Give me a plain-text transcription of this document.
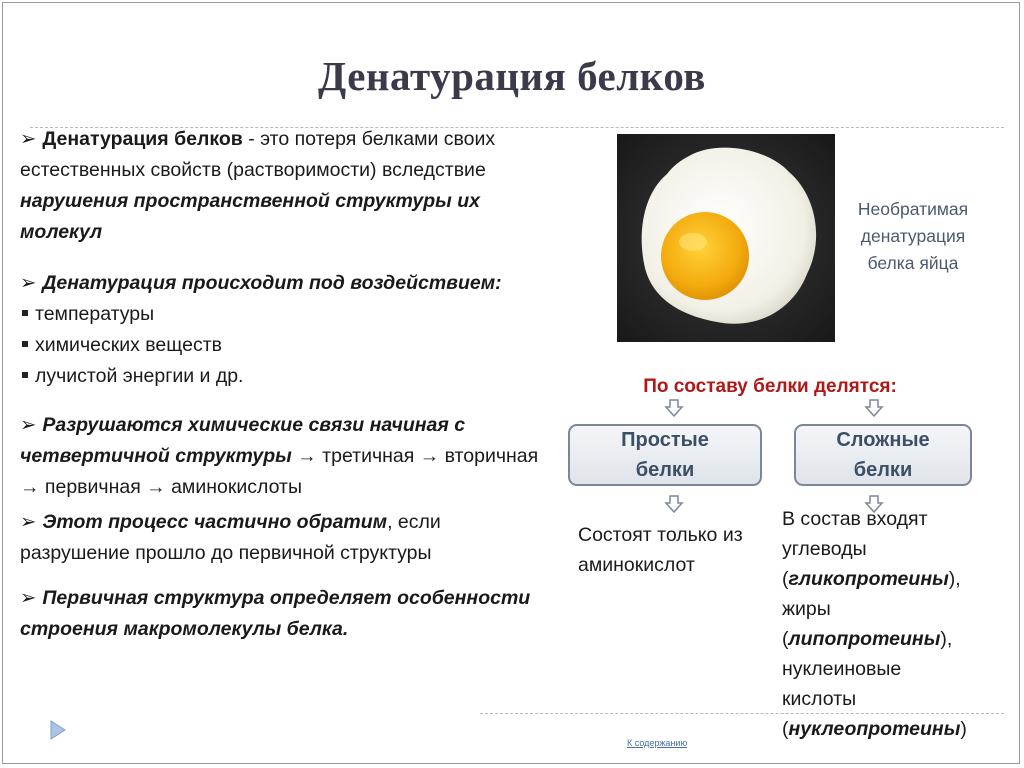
Денатурация белков

➢ Денатурация белков - это потеря белками своих естественных свойств (растворимости) вследствие нарушения пространственной структуры их молекул

➢ Денатурация происходит под воздействием:

температуры

химических веществ

лучистой энергии и др.

➢ Разрушаются химические связи начиная с четвертичной структуры → третичная → вторичная → первичная → аминокислоты

➢ Этот процесс частично обратим, если разрушение прошло до первичной структуры

➢ Первичная структура определяет особенности строения макромолекулы белка.

Необратимая денатурация белка яйца
По составу белки делятся:
Простые белки
Сложные белки
Состоят только из аминокислот
В состав входят углеводы
(гликопротеины),
жиры
(липопротеины),
нуклеиновые кислоты
(нуклеопротеины)
К содержанию
